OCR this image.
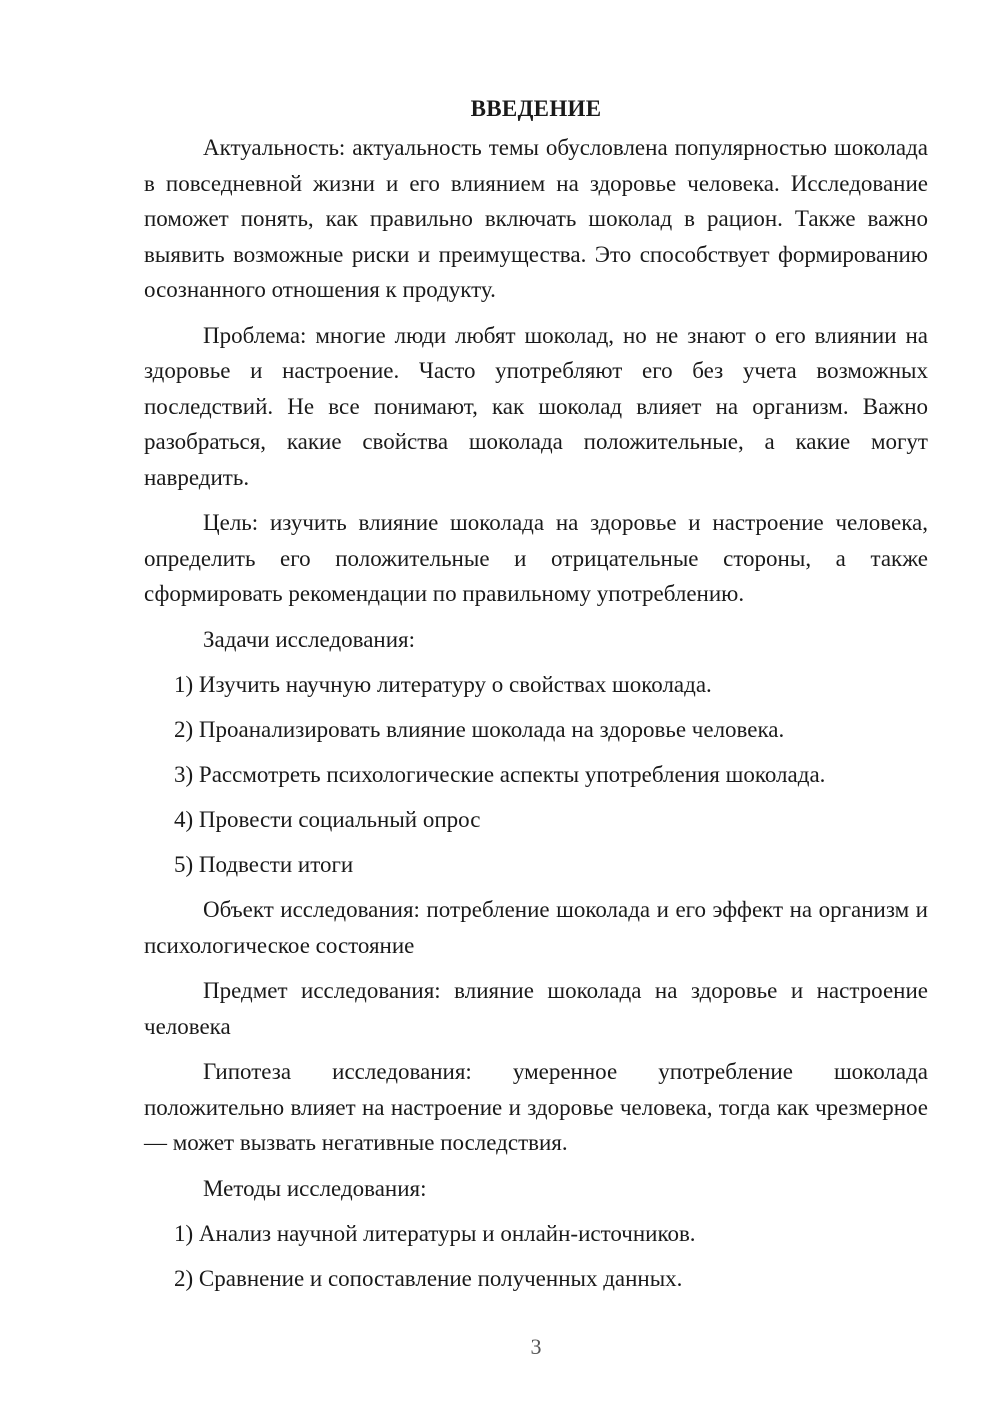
ВВЕДЕНИЕ

Актуальность: актуальность темы обусловлена популярностью шоколада в повседневной жизни и его влиянием на здоровье человека. Исследование поможет понять, как правильно включать шоколад в рацион. Также важно выявить возможные риски и преимущества. Это способствует формированию осознанного отношения к продукту.

Проблема: многие люди любят шоколад, но не знают о его влиянии на здоровье и настроение. Часто употребляют его без учета возможных последствий. Не все понимают, как шоколад влияет на организм. Важно разобраться, какие свойства шоколада положительные, а какие могут навредить.

Цель: изучить влияние шоколада на здоровье и настроение человека, определить его положительные и отрицательные стороны, а также сформировать рекомендации по правильному употреблению.

Задачи исследования:

1) Изучить научную литературу о свойствах шоколада.
2) Проанализировать влияние шоколада на здоровье человека.
3) Рассмотреть психологические аспекты употребления шоколада.
4) Провести социальный опрос
5) Подвести итоги

Объект исследования: потребление шоколада и его эффект на организм и психологическое состояние

Предмет исследования: влияние шоколада на здоровье и настроение человека

Гипотеза исследования: умеренное употребление шоколада положительно влияет на настроение и здоровье человека, тогда как чрезмерное — может вызвать негативные последствия.

Методы исследования:

1) Анализ научной литературы и онлайн-источников.
2) Сравнение и сопоставление полученных данных.
3
